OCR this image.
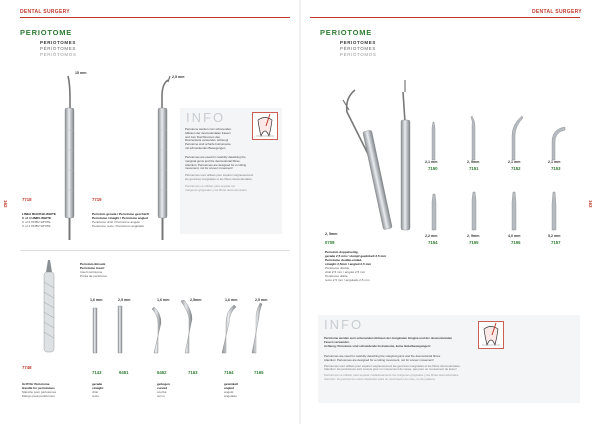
DENTAL SURGERY
PERIOTOME
PERIOTOMES
PÉRIOTOMES
PERIÓTOMOS
162
15 mm
2,5 mm
INFO
Periotome werden zum schonenden
Ablösen der desmodontalen Fasern
und zum Durchtrennen des
Desmodonts verwendet. Achtung!
Periotome sind scharfe Instrumente
mit schneidenden Bewegungen.
Periotomes are used for carefully detaching the
marginal gums and the desmodontal fibres.
Attention: Periotomes are designed for a cutting
movement, not for a lever movement!
Périotomes sont utilisés pour séparer soigneusement
les gencives marginales et les fibres desmodontales.
Periótomos se utilizan para separar los
márgenes gingivales y las fibras desmodontales.
7718	7719
LINEA BIANCHI-WHITE
C of 4 HNBV-WHITE
C of 4 HNBV-WHITE
C of 4 HNBV-WHITE
Periotom gerade / Periotome geschärft
Periotome straight / Periotome angled
Periotome droit / Periotome angulé
Periotomo recto / Periotomo angulado
Periotom-Einsatz
Periotome Insert
Insert périotome
Punta de periótomo
1,6 mm	2,5 mm	1,6 mm	2,5mm	1,6 mm	2,5 mm
7748
7143	6451	6462	7163	7164	7165
Griff für Periotome
Handle for periotomes
Manche pour périotomes
Mango para periótomos
gerade
straight
droit
recto
gebogen
curved
courbé
curvo
gewinkelt
angled
angulé
angulado
DENTAL SURGERY
PERIOTOME
PERIOTOMES
PÉRIOTOMES
PERIÓTOMOS
163
2, 5mm
0708
Periotom doppelseitig,
gerade 2,5 mm / stumpf gewinkelt 2,5 mm
Periotome double-ended,
straight 2,5mm / angled 2,5 mm
Périotome double,
droit 2,5 mm / angulé 2,5 mm
Periótomo doble,
recto 2,5 mm / angulado 2,5 mm
2,1 mm
7150
2, 9mm
7151
2,1 mm
7152
2,1 mm
7153
2,2 mm
7154
2, 9mm
7155
4,0 mm
7156
5,2 mm
7157
INFO
Periotome werden zum schonenden Ablösen der marginalen Gingiva und der desmodontalen
Fasern verwendet.
Achtung: Periotome sind schneidende Instrumente, keine Hebelbewegungen!
Periotomes are used for carefully detaching the marginal gums and the desmodontal fibres.
Attention: Periotomes are designed for a cutting movement, not for a lever movement!
Périotomes sont utilisés pour séparer soigneusement les gencives marginales et les fibres desmodontales.
Attention: les périotomes sont conçus pour un mouvement de coupe, pas pour un mouvement de levier!
Periótomos se utilizan para separar cuidadosamente los márgenes gingivales y las fibras desmodontales.
Atención: los periótomos están diseñados para un movimiento de corte, no de palanca.
